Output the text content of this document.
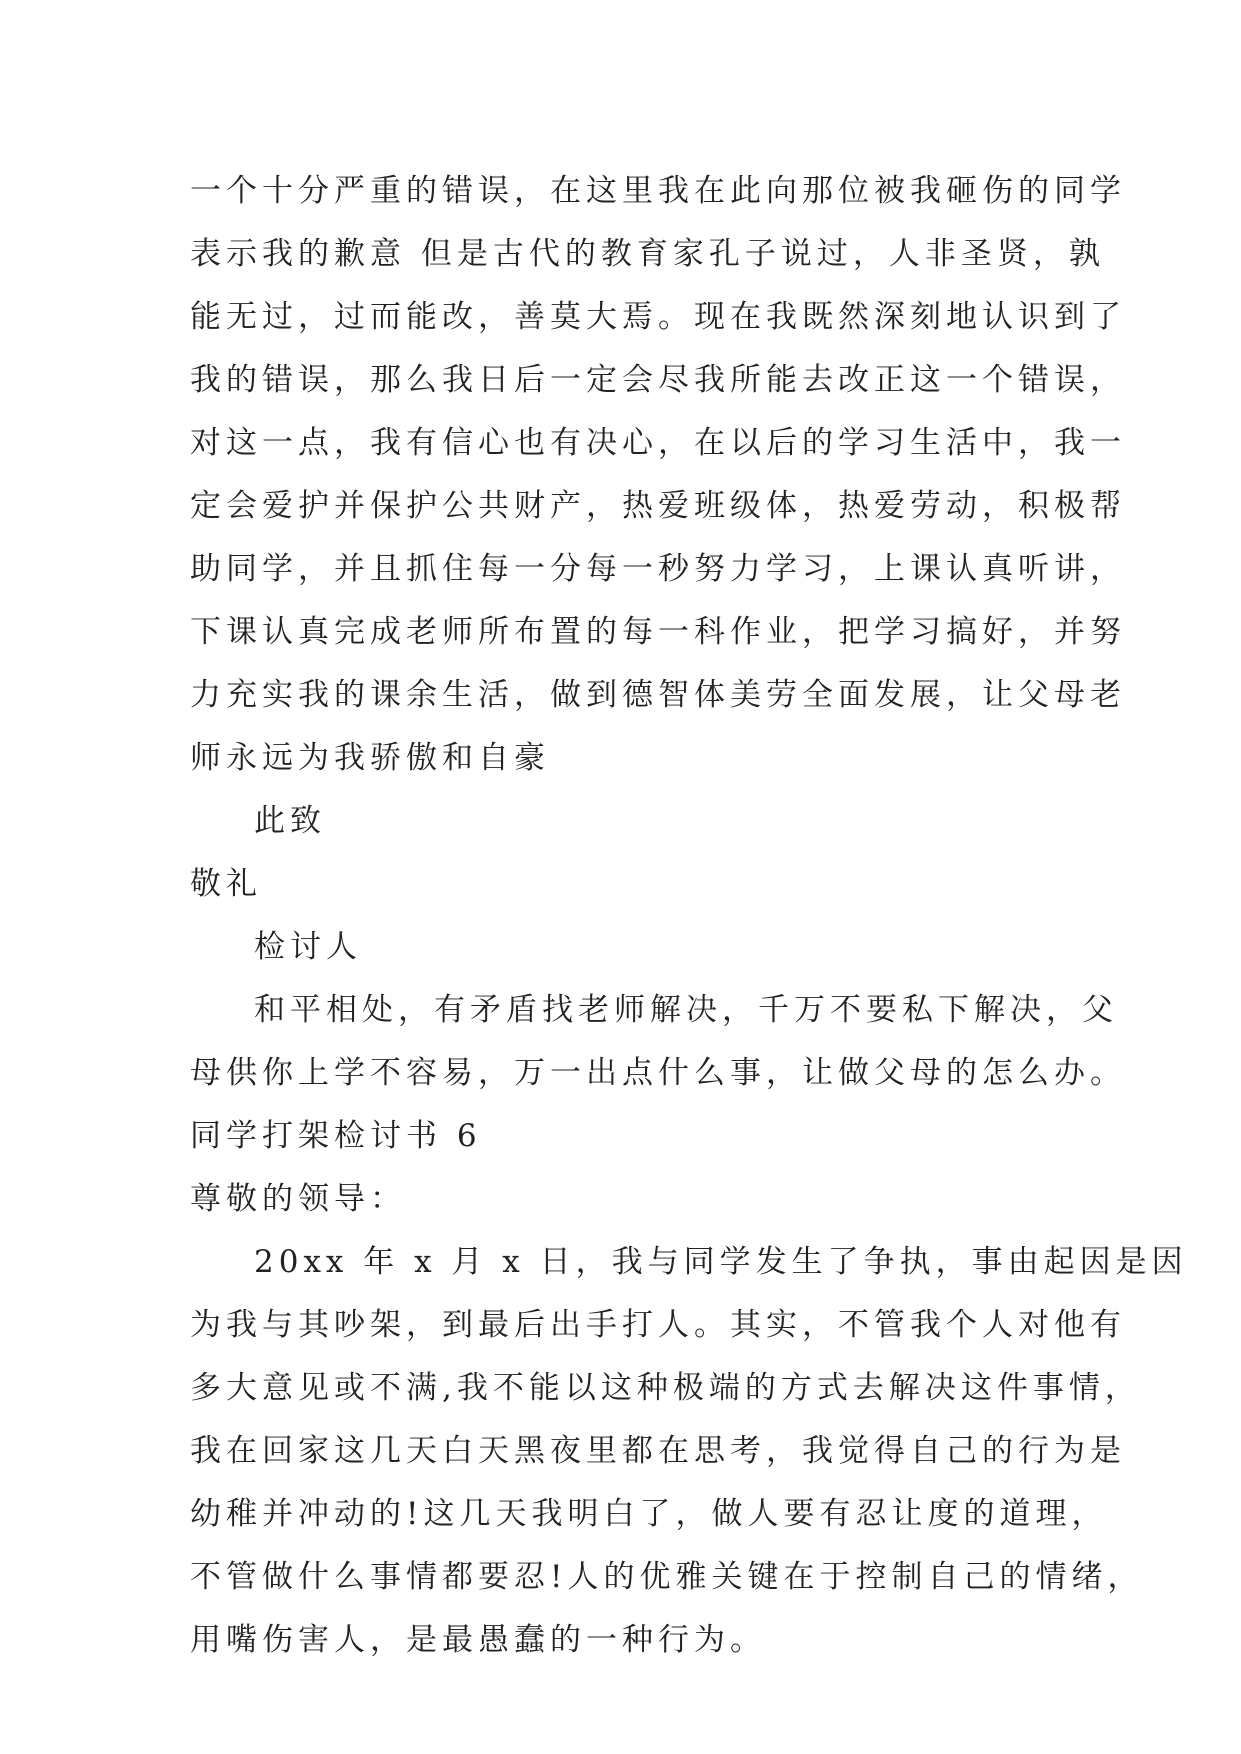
一个十分严重的错误，在这里我在此向那位被我砸伤的同学
表示我的歉意 但是古代的教育家孔子说过，人非圣贤，孰
能无过，过而能改，善莫大焉。现在我既然深刻地认识到了
我的错误，那么我日后一定会尽我所能去改正这一个错误，
对这一点，我有信心也有决心，在以后的学习生活中，我一
定会爱护并保护公共财产，热爱班级体，热爱劳动，积极帮
助同学，并且抓住每一分每一秒努力学习，上课认真听讲，
下课认真完成老师所布置的每一科作业，把学习搞好，并努
力充实我的课余生活，做到德智体美劳全面发展，让父母老
师永远为我骄傲和自豪
此致
敬礼
检讨人
和平相处，有矛盾找老师解决，千万不要私下解决，父
母供你上学不容易，万一出点什么事，让做父母的怎么办。
同学打架检讨书 6
尊敬的领导：
20xx 年 x 月 x 日，我与同学发生了争执，事由起因是因
为我与其吵架，到最后出手打人。其实，不管我个人对他有
多大意见或不满,我不能以这种极端的方式去解决这件事情，
我在回家这几天白天黑夜里都在思考，我觉得自己的行为是
幼稚并冲动的!这几天我明白了，做人要有忍让度的道理，
不管做什么事情都要忍!人的优雅关键在于控制自己的情绪，
用嘴伤害人，是最愚蠢的一种行为。
